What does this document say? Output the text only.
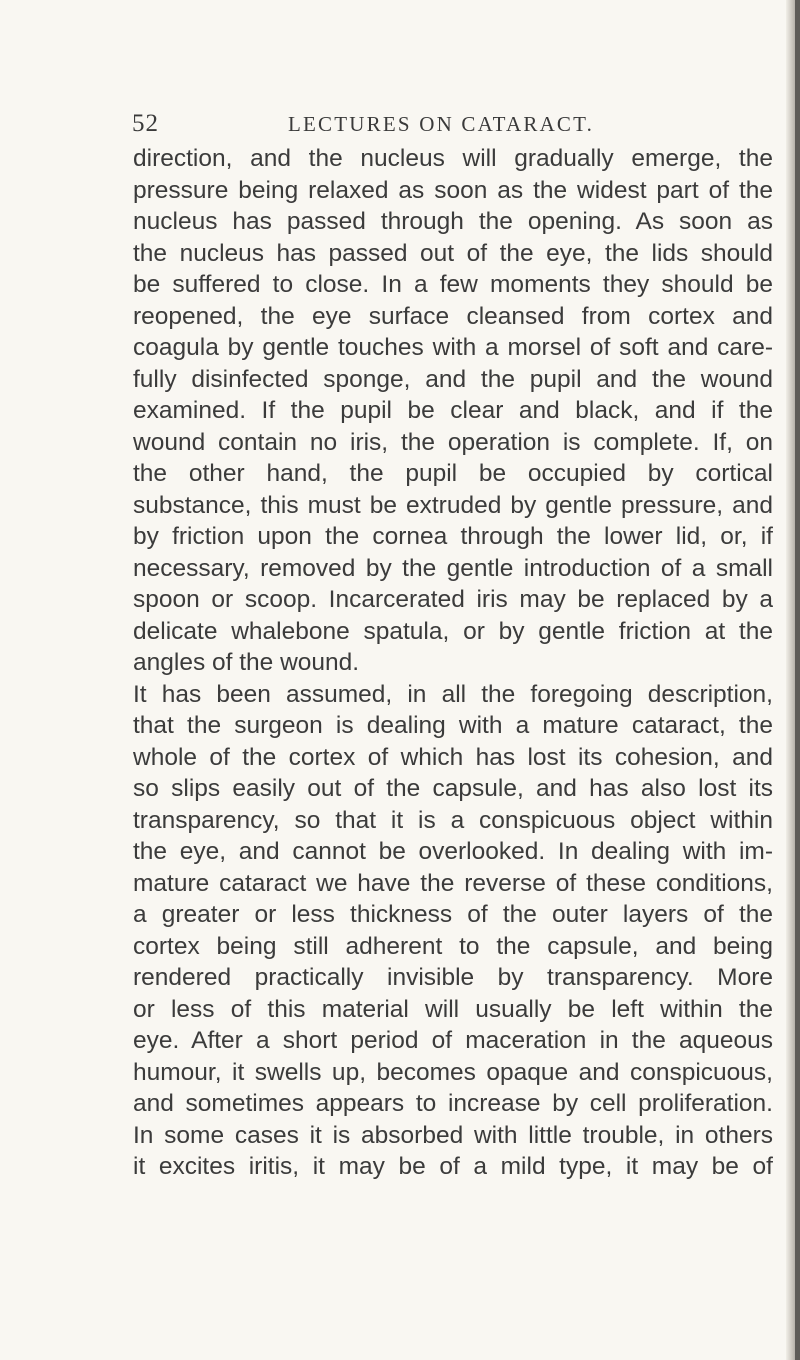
52	LECTURES ON CATARACT.
direction, and the nucleus will gradually emerge, the
pressure being relaxed as soon as the widest part of the
nucleus has passed through the opening. As soon as
the nucleus has passed out of the eye, the lids should
be suffered to close. In a few moments they should be
reopened, the eye surface cleansed from cortex and
coagula by gentle touches with a morsel of soft and care-
fully disinfected sponge, and the pupil and the wound
examined. If the pupil be clear and black, and if the
wound contain no iris, the operation is complete. If, on
the other hand, the pupil be occupied by cortical
substance, this must be extruded by gentle pressure, and
by friction upon the cornea through the lower lid, or, if
necessary, removed by the gentle introduction of a small
spoon or scoop. Incarcerated iris may be replaced by a
delicate whalebone spatula, or by gentle friction at the
angles of the wound.
It has been assumed, in all the foregoing description,
that the surgeon is dealing with a mature cataract, the
whole of the cortex of which has lost its cohesion, and
so slips easily out of the capsule, and has also lost its
transparency, so that it is a conspicuous object within
the eye, and cannot be overlooked. In dealing with im-
mature cataract we have the reverse of these conditions,
a greater or less thickness of the outer layers of the
cortex being still adherent to the capsule, and being
rendered practically invisible by transparency. More
or less of this material will usually be left within the
eye. After a short period of maceration in the aqueous
humour, it swells up, becomes opaque and conspicuous,
and sometimes appears to increase by cell proliferation.
In some cases it is absorbed with little trouble, in others
it excites iritis, it may be of a mild type, it may be of
